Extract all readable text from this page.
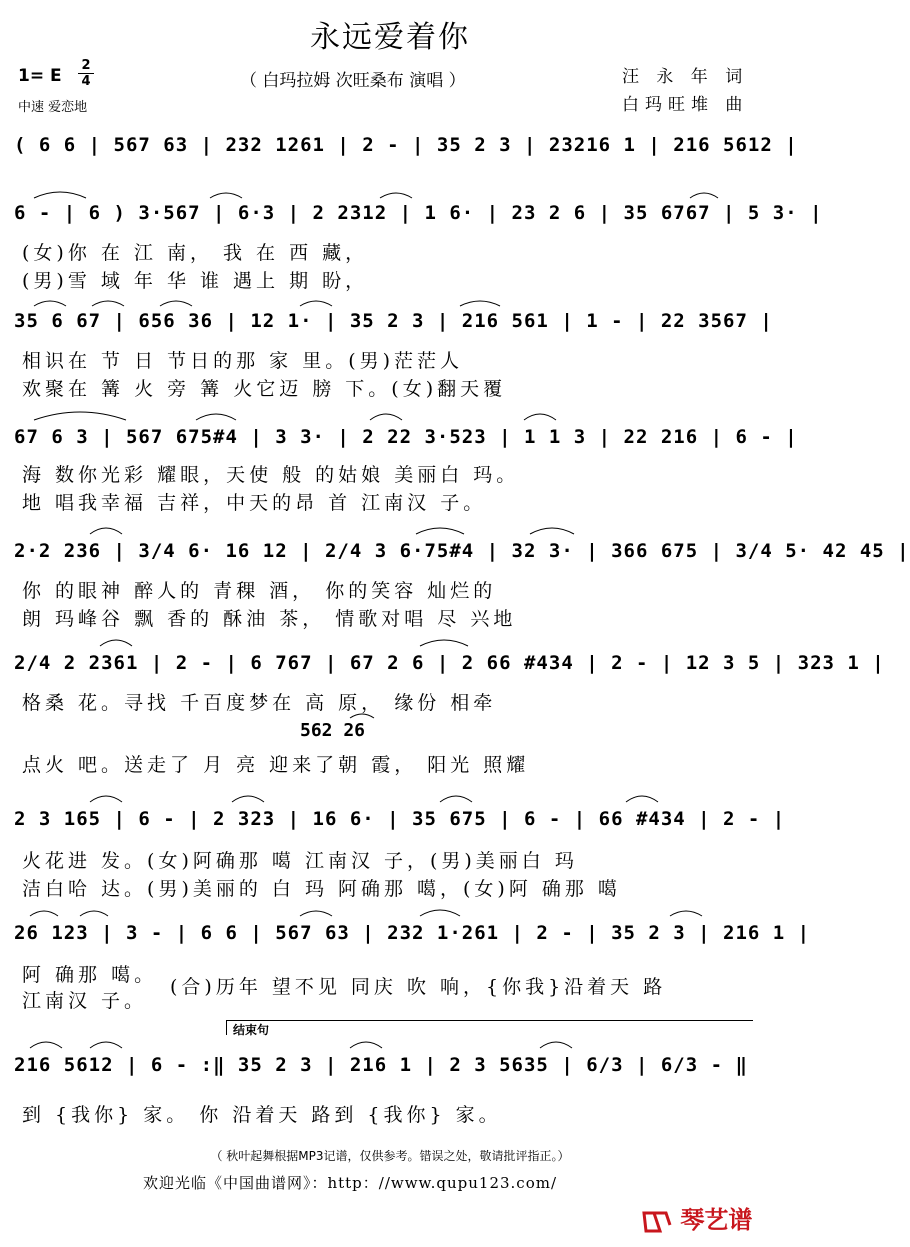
永远爱着你
1= E
2
4	（ 白玛拉姆 次旺桑布 演唱 ）	汪 永 年 词
白玛旺堆 曲
中速 爱恋地
( 6 6 | 567 63 | 232 1261 | 2 - | 35 2 3 | 23216 1 | 216 5612 |
6 - | 6 ) 3·567 | 6·3 | 2 2312 | 1 6· | 23 2 6 | 35 6767 | 5 3· |
35 6 67 | 656 36 | 12 1· | 35 2 3 | 216 561 | 1 - | 22 3567 |
67 6 3 | 567 675#4 | 3 3· | 2 22 3·523 | 1 1 3 | 22 216 | 6 - |
2·2 236 | 3/4 6· 16 12 | 2/4 3 6·75#4 | 32 3· | 366 675 | 3/4 5· 42 45 |
2/4 2 2361 | 2 - | 6 767 | 67 2 6 | 2 66 #434 | 2 - | 12 3 5 | 323 1 |
2 3 165 | 6 - | 2 323 | 16 6· | 35 675 | 6 - | 66 #434 | 2 - |
26 123 | 3 - | 6 6 | 567 63 | 232 1·261 | 2 - | 35 2 3 | 216 1 |
216 5612 | 6 - :‖ 35 2 3 | 216 1 | 2 3 5635 | 6/3 | 6/3 - ‖
(女)你 在 江 南， 我 在 西 藏，
(男)雪 域 年 华 谁 遇上 期 盼，
相识在 节 日 节日的那 家 里。(男)茫茫人
欢聚在 篝 火 旁 篝 火它迈 膀 下。(女)翻天覆
海 数你光彩 耀眼，天使 般 的姑娘 美丽白 玛。
地 唱我幸福 吉祥，中天的昂 首 江南汉 子。
你 的眼神 醉人的 青稞 酒， 你的笑容 灿烂的
朗 玛峰谷 飘 香的 酥油 茶， 情歌对唱 尽 兴地
格桑 花。寻找 千百度梦在 高 原， 缘份 相牵
562 26
点火 吧。送走了 月 亮 迎来了朝 霞， 阳光 照耀
火花进 发。(女)阿确那 噶 江南汉 子，(男)美丽白 玛
洁白哈 达。(男)美丽的 白 玛 阿确那 噶，(女)阿 确那 噶
阿 确那 噶。
江南汉 子。
(合)历年 望不见 同庆 吹 响，{你我}沿着天 路
到 {我你} 家。 你 沿着天 路到 {我你} 家。
结束句
（ 秋叶起舞根据MP3记谱，仅供参考。错误之处，敬请批评指正。）
欢迎光临《中国曲谱网》：http：//www.qupu123.com/
琴艺谱
